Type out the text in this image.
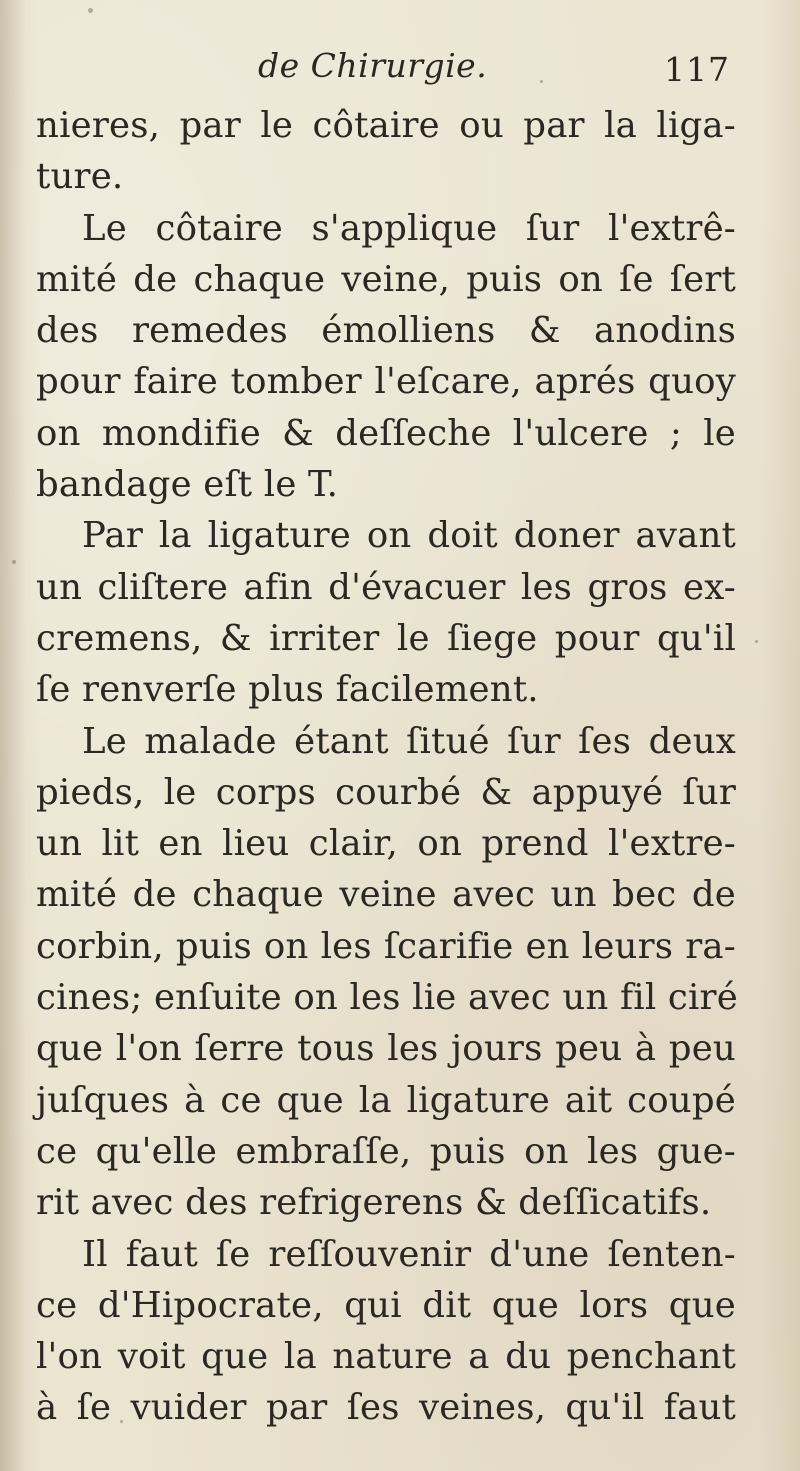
de Chirurgie.	117
nieres, par le côtaire ou par la liga-
ture.
Le côtaire s'applique ſur l'extrê-
mité de chaque veine, puis on ſe ſert
des remedes émolliens & anodins
pour faire tomber l'eſcare, aprés quoy
on mondifie & deſſeche l'ulcere ; le
bandage eſt le T.
Par la ligature on doit doner avant
un cliſtere afin d'évacuer les gros ex-
cremens, & irriter le ſiege pour qu'il
ſe renverſe plus facilement.
Le malade étant ſitué ſur ſes deux
pieds, le corps courbé & appuyé ſur
un lit en lieu clair, on prend l'extre-
mité de chaque veine avec un bec de
corbin, puis on les ſcarifie en leurs ra-
cines; enſuite on les lie avec un fil ciré
que l'on ſerre tous les jours peu à peu
juſques à ce que la ligature ait coupé
ce qu'elle embraſſe, puis on les gue-
rit avec des refrigerens & deſſicatifs.
Il faut ſe reſſouvenir d'une ſenten-
ce d'Hipocrate, qui dit que lors que
l'on voit que la nature a du penchant
à ſe vuider par ſes veines, qu'il faut
